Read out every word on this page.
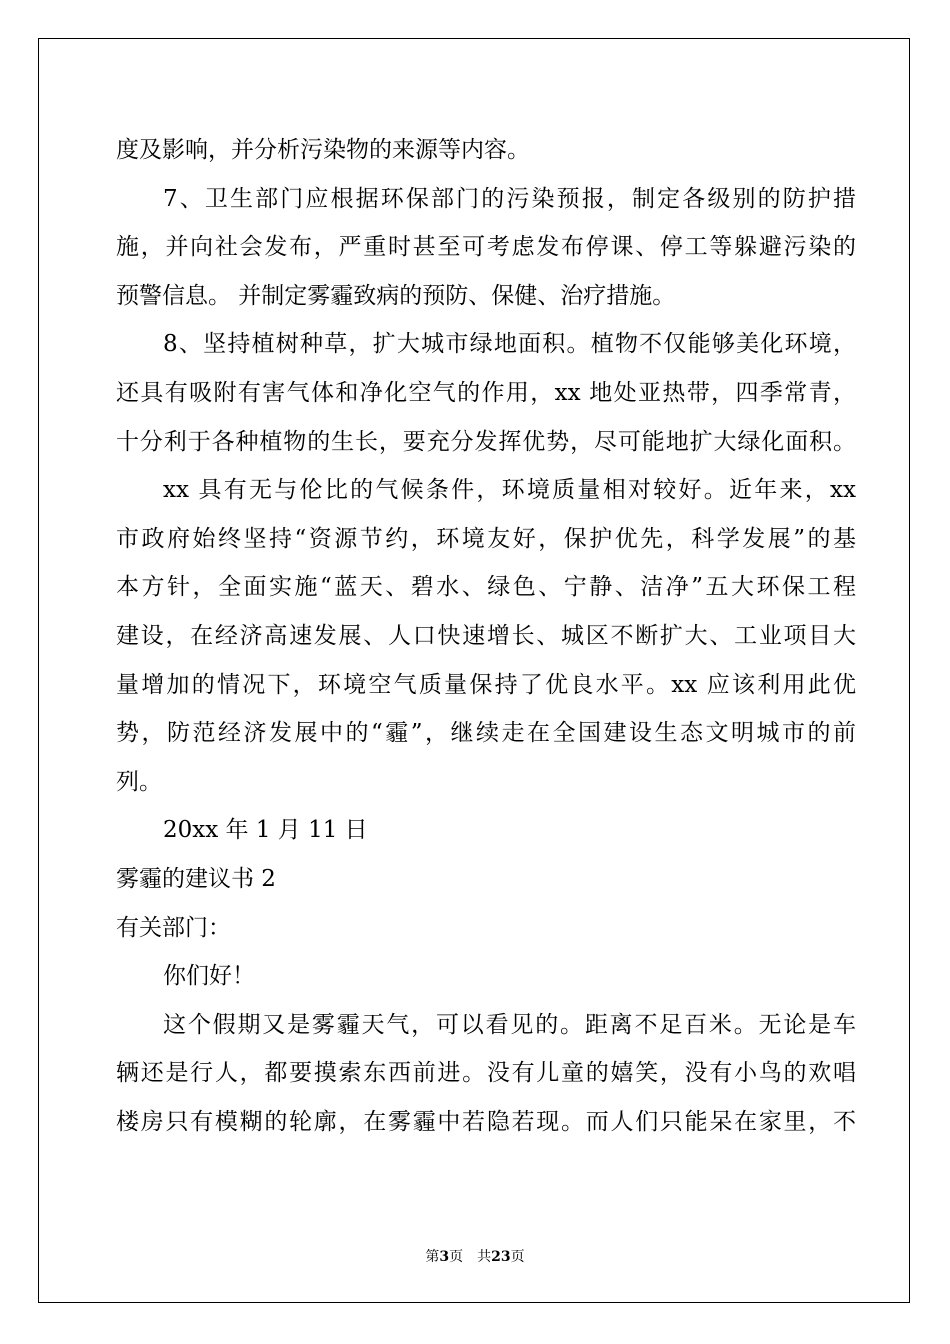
度及影响，并分析污染物的来源等内容。
7、卫生部门应根据环保部门的污染预报，制定各级别的防护措
施，并向社会发布，严重时甚至可考虑发布停课、停工等躲避污染的
预警信息。 并制定雾霾致病的预防、保健、治疗措施。
8、坚持植树种草，扩大城市绿地面积。植物不仅能够美化环境，
还具有吸附有害气体和净化空气的作用，xx 地处亚热带，四季常青，
十分利于各种植物的生长，要充分发挥优势，尽可能地扩大绿化面积。
xx 具有无与伦比的气候条件，环境质量相对较好。近年来，xx
市政府始终坚持“资源节约，环境友好，保护优先，科学发展”的基
本方针，全面实施“蓝天、碧水、绿色、宁静、洁净”五大环保工程
建设，在经济高速发展、人口快速增长、城区不断扩大、工业项目大
量增加的情况下，环境空气质量保持了优良水平。xx 应该利用此优
势，防范经济发展中的“霾”，继续走在全国建设生态文明城市的前
列。
20xx 年 1 月 11 日
雾霾的建议书 2
有关部门：
你们好！
这个假期又是雾霾天气，可以看见的。距离不足百米。无论是车
辆还是行人，都要摸索东西前进。没有儿童的嬉笑，没有小鸟的欢唱
楼房只有模糊的轮廓，在雾霾中若隐若现。而人们只能呆在家里，不
第3页 共23页
